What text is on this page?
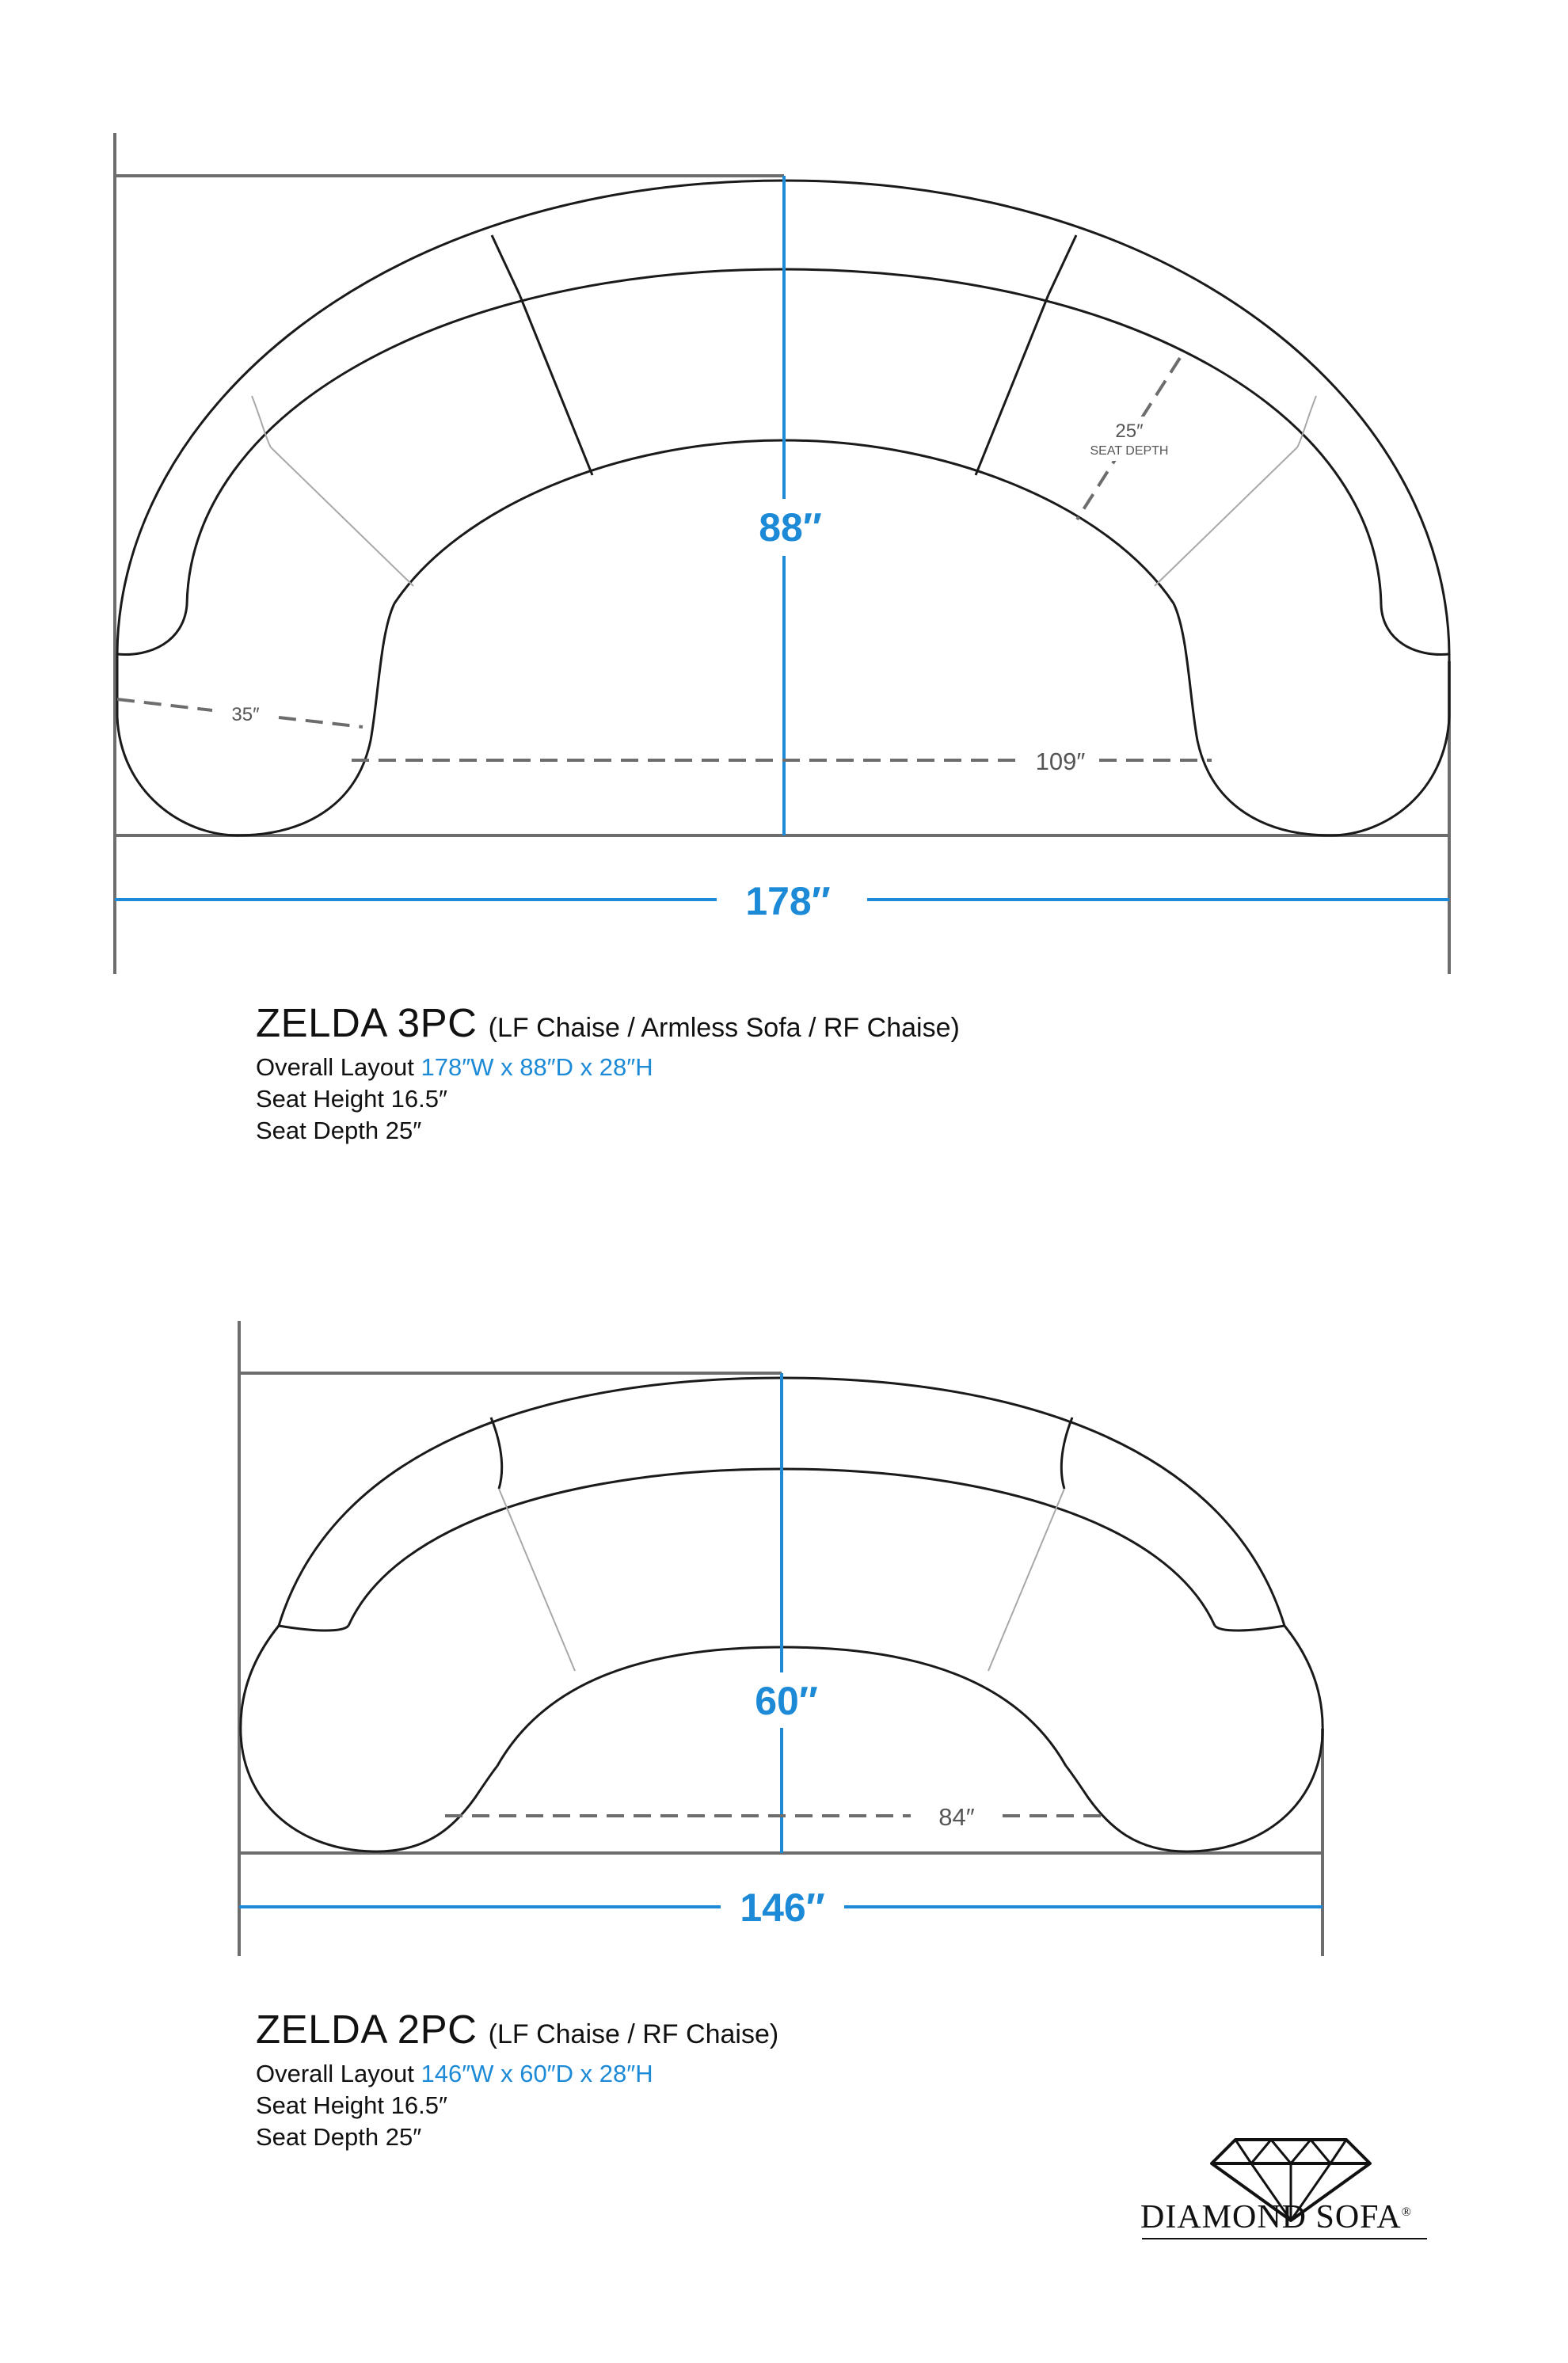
88″
178″
25″
SEAT DEPTH
35″
109″
60″
146″
84″
ZELDA 3PC (LF Chaise / Armless Sofa / RF Chaise)
Overall Layout 178″W x 88″D x 28″H
Seat Height 16.5″
Seat Depth 25″
ZELDA 2PC (LF Chaise / RF Chaise)
Overall Layout 146″W x 60″D x 28″H
Seat Height 16.5″
Seat Depth 25″
DIAMOND SOFA®
